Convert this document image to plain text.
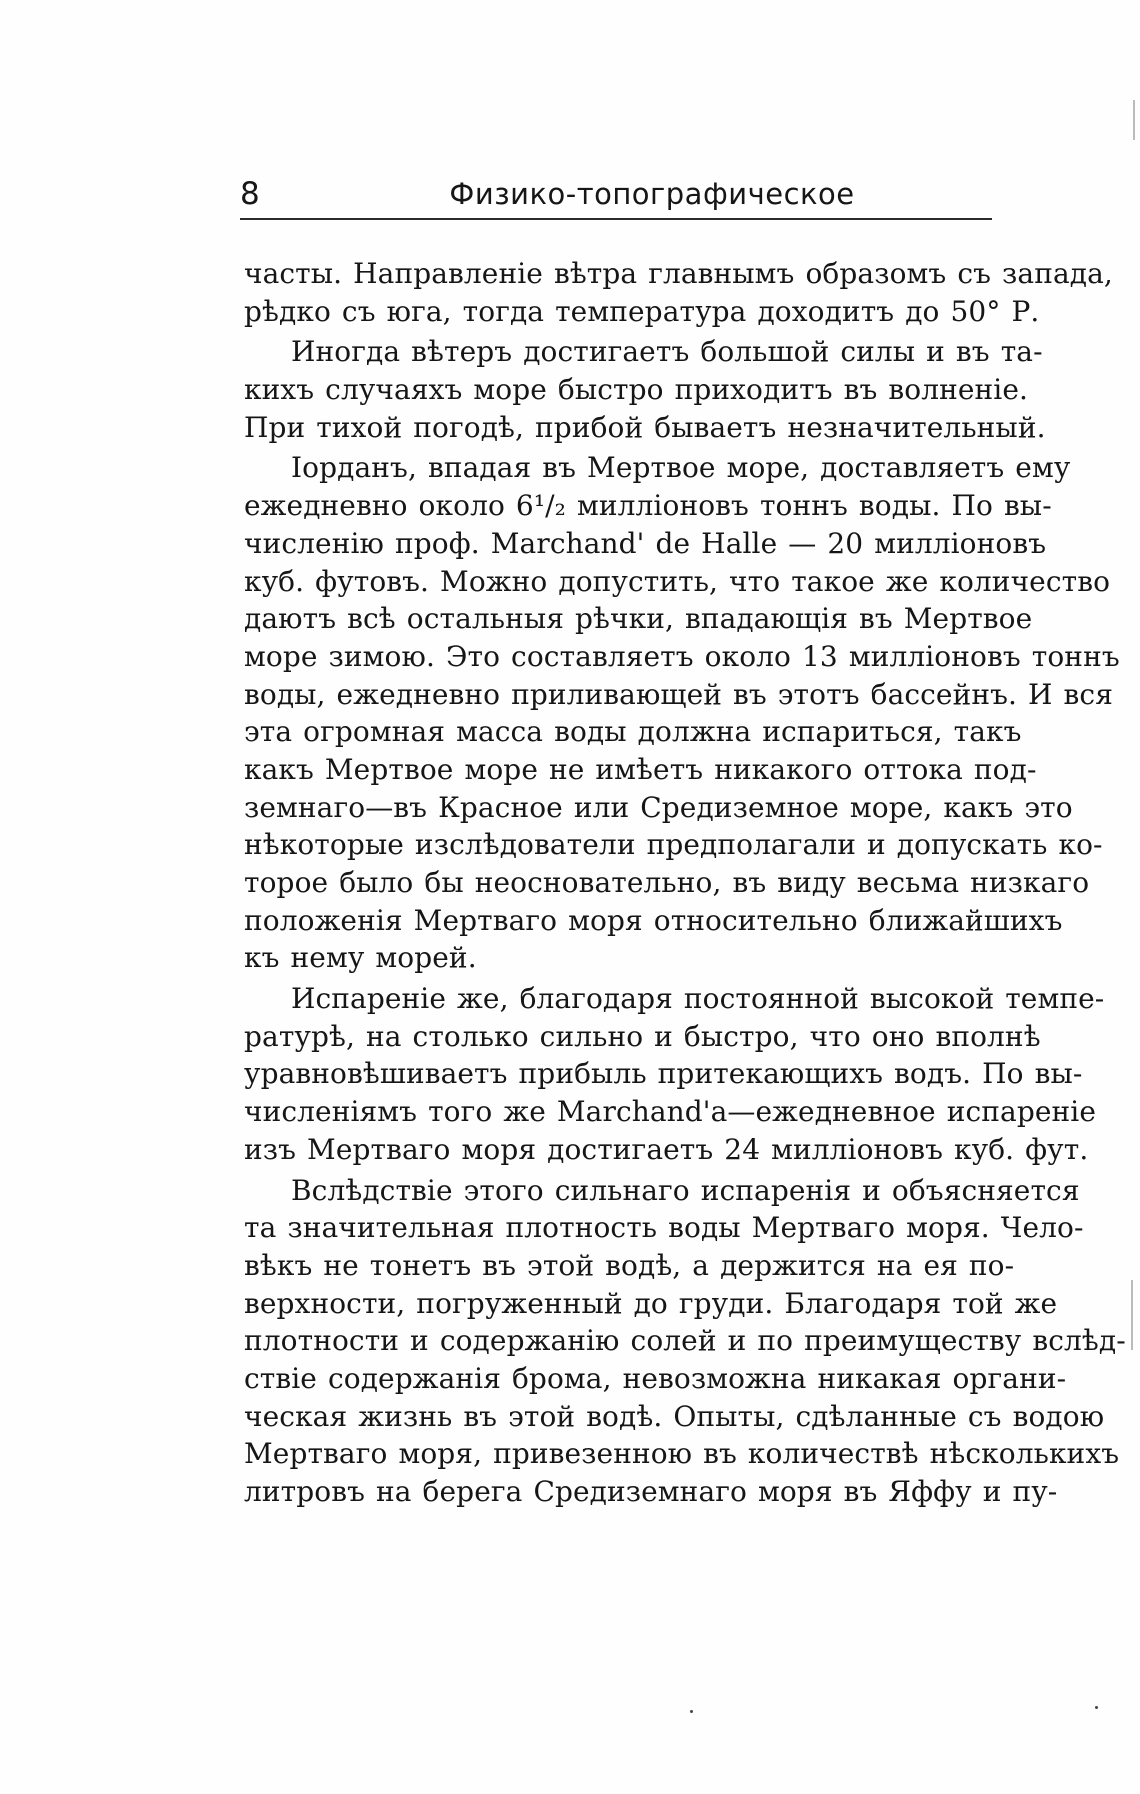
8	Физико-топографическое
часты. Направленіе вѣтра главнымъ образомъ съ запада,
рѣдко съ юга, тогда температура доходитъ до 50° Р.
Иногда вѣтеръ достигаетъ большой силы и въ та-
кихъ случаяхъ море быстро приходитъ въ волненіе.
При тихой погодѣ, прибой бываетъ незначительный.
Іорданъ, впадая въ Мертвое море, доставляетъ ему
ежедневно около 6¹/₂ милліоновъ тоннъ воды. По вы-
численію проф. Marchand' de Halle — 20 милліоновъ
куб. футовъ. Можно допустить, что такое же количество
даютъ всѣ остальныя рѣчки, впадающія въ Мертвое
море зимою. Это составляетъ около 13 милліоновъ тоннъ
воды, ежедневно приливающей въ этотъ бассейнъ. И вся
эта огромная масса воды должна испариться, такъ
какъ Мертвое море не имѣетъ никакого оттока под-
земнаго—въ Красное или Средиземное море, какъ это
нѣкоторые изслѣдователи предполагали и допускать ко-
торое было бы неосновательно, въ виду весьма низкаго
положенія Мертваго моря относительно ближайшихъ
къ нему морей.
Испареніе же, благодаря постоянной высокой темпе-
ратурѣ, на столько сильно и быстро, что оно вполнѣ
уравновѣшиваетъ прибыль притекающихъ водъ. По вы-
численіямъ того же Marchand'a—ежедневное испареніе
изъ Мертваго моря достигаетъ 24 милліоновъ куб. фут.
Вслѣдствіе этого сильнаго испаренія и объясняется
та значительная плотность воды Мертваго моря. Чело-
вѣкъ не тонетъ въ этой водѣ, а держится на ея по-
верхности, погруженный до груди. Благодаря той же
плотности и содержанію солей и по преимуществу вслѣд-
ствіе содержанія брома, невозможна никакая органи-
ческая жизнь въ этой водѣ. Опыты, сдѣланные съ водою
Мертваго моря, привезенною въ количествѣ нѣсколькихъ
литровъ на берега Средиземнаго моря въ Яффу и пу-
